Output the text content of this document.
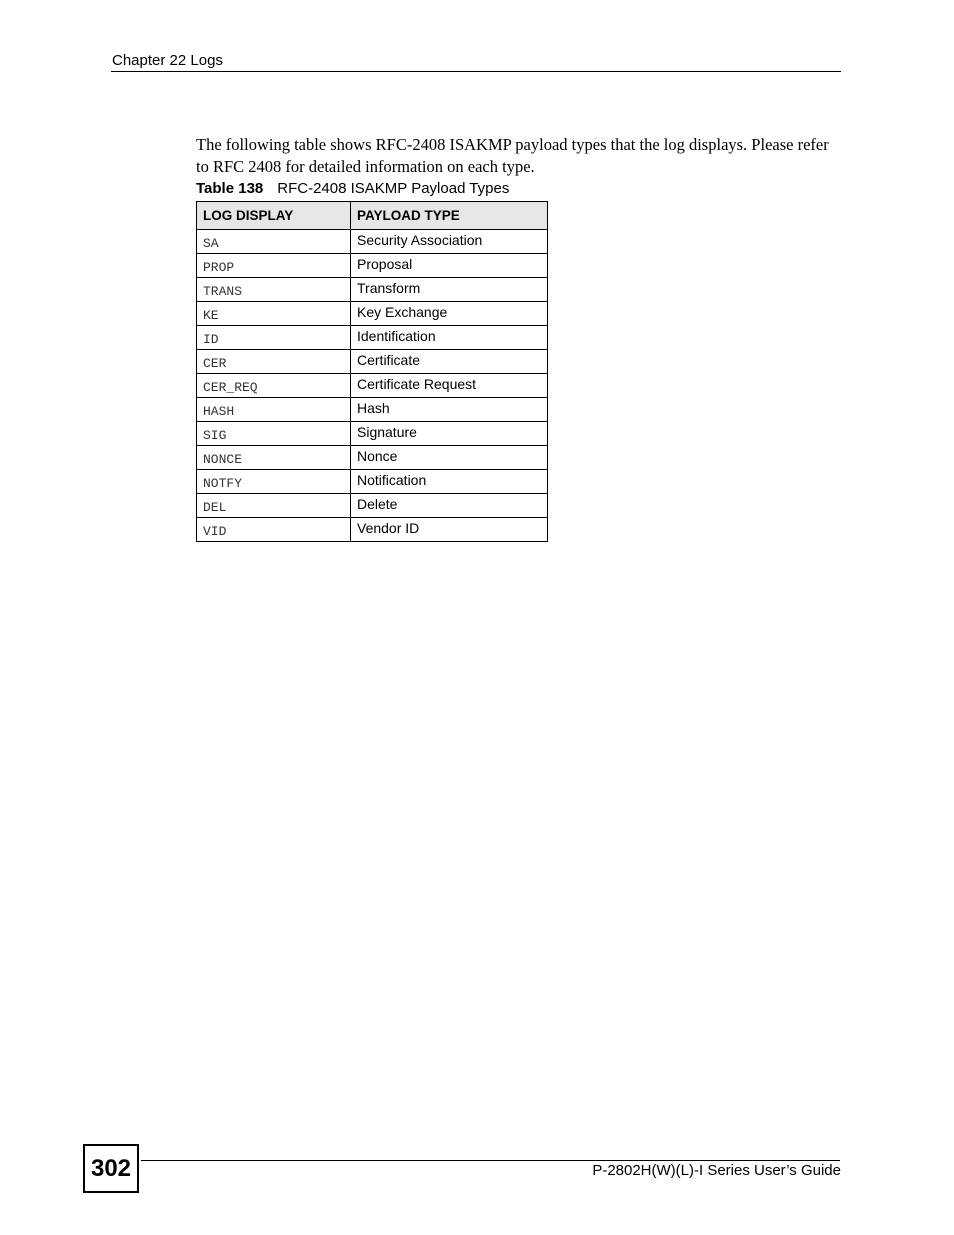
Chapter 22 Logs
The following table shows RFC-2408 ISAKMP payload types that the log displays. Please refer to RFC 2408 for detailed information on each type.
Table 138 RFC-2408 ISAKMP Payload Types
LOG DISPLAY	PAYLOAD TYPE
SA	Security Association
PROP	Proposal
TRANS	Transform
KE	Key Exchange
ID	Identification
CER	Certificate
CER_REQ	Certificate Request
HASH	Hash
SIG	Signature
NONCE	Nonce
NOTFY	Notification
DEL	Delete
VID	Vendor ID
302	P-2802H(W)(L)-I Series User’s Guide
